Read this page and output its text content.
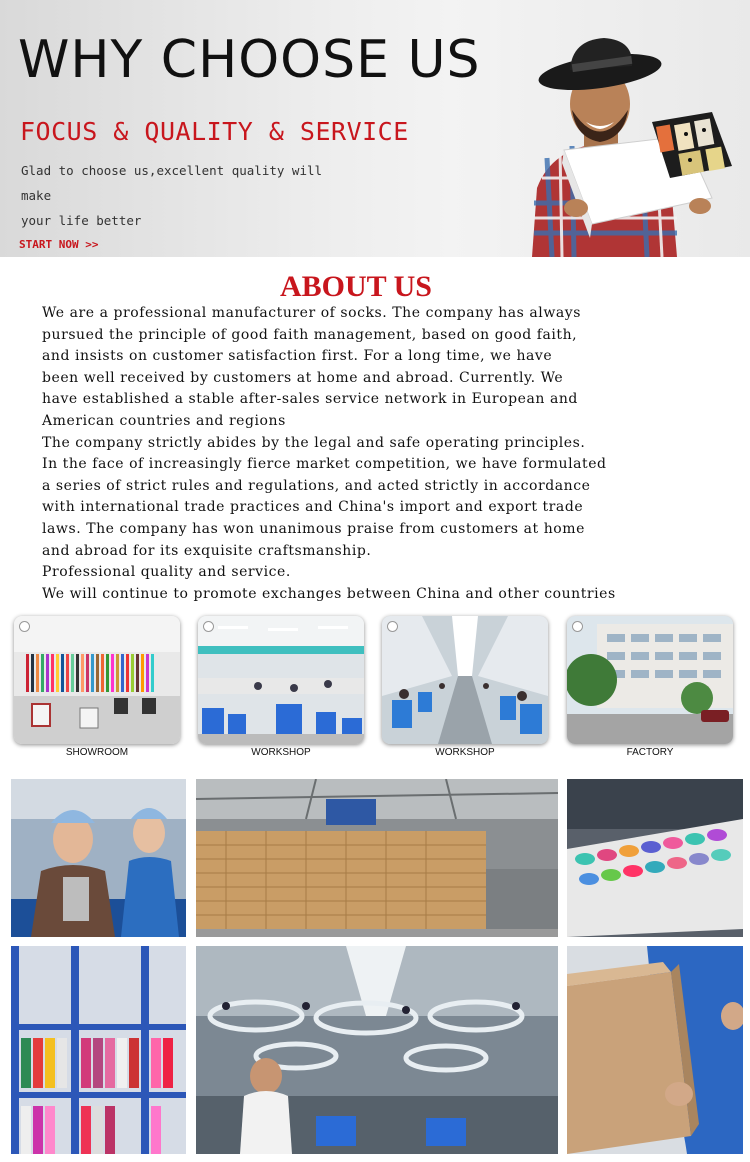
WHY CHOOSE US
FOCUS & QUALITY & SERVICE
Glad to choose us,excellent quality will make
your life better
START NOW >>
ABOUT US

We are a professional manufacturer of socks. The company has always
pursued the principle of good faith management, based on good faith,
and insists on customer satisfaction first. For a long time, we have
been well received by customers at home and abroad. Currently. We
have established a stable after-sales service network in European and
American countries and regions
The company strictly abides by the legal and safe operating principles.
In the face of increasingly fierce market competition, we have formulated
a series of strict rules and regulations, and acted strictly in accordance
with international trade practices and China's import and export trade
laws. The company has won unanimous praise from customers at home
and abroad for its exquisite craftsmanship.
Professional quality and service.
We will continue to promote exchanges between China and other countries

SHOWROOM	WORKSHOP	WORKSHOP	FACTORY
